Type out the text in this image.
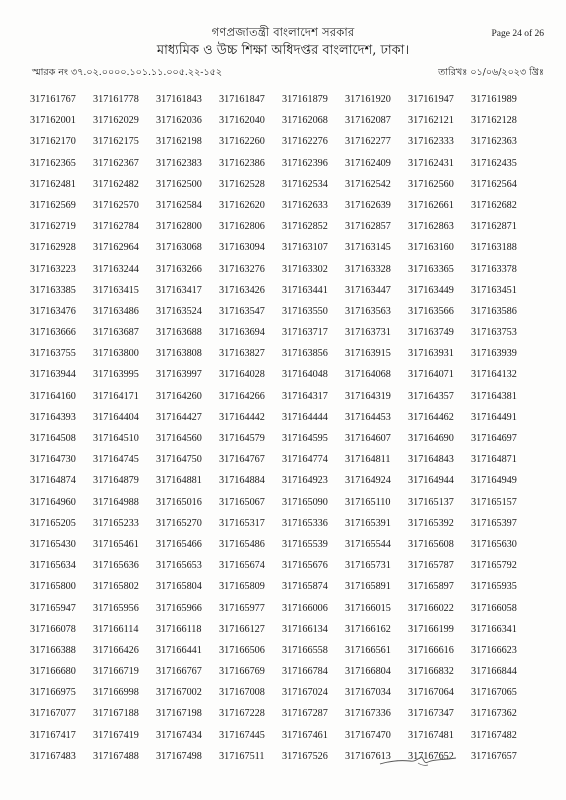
গণপ্রজাতন্ত্রী বাংলাদেশ সরকার
মাধ্যমিক ও উচ্চ শিক্ষা অধিদপ্তর বাংলাদেশ, ঢাকা।
Page 24 of 26
স্মারক নং ৩৭.০২.০০০০.১০১.১১.০০৫.২২-১৫২	তারিখঃ ০১/০৬/২০২৩ খ্রিঃ
317161767	317161778	317161843	317161847	317161879	317161920	317161947	317161989
317162001	317162029	317162036	317162040	317162068	317162087	317162121	317162128
317162170	317162175	317162198	317162260	317162276	317162277	317162333	317162363
317162365	317162367	317162383	317162386	317162396	317162409	317162431	317162435
317162481	317162482	317162500	317162528	317162534	317162542	317162560	317162564
317162569	317162570	317162584	317162620	317162633	317162639	317162661	317162682
317162719	317162784	317162800	317162806	317162852	317162857	317162863	317162871
317162928	317162964	317163068	317163094	317163107	317163145	317163160	317163188
317163223	317163244	317163266	317163276	317163302	317163328	317163365	317163378
317163385	317163415	317163417	317163426	317163441	317163447	317163449	317163451
317163476	317163486	317163524	317163547	317163550	317163563	317163566	317163586
317163666	317163687	317163688	317163694	317163717	317163731	317163749	317163753
317163755	317163800	317163808	317163827	317163856	317163915	317163931	317163939
317163944	317163995	317163997	317164028	317164048	317164068	317164071	317164132
317164160	317164171	317164260	317164266	317164317	317164319	317164357	317164381
317164393	317164404	317164427	317164442	317164444	317164453	317164462	317164491
317164508	317164510	317164560	317164579	317164595	317164607	317164690	317164697
317164730	317164745	317164750	317164767	317164774	317164811	317164843	317164871
317164874	317164879	317164881	317164884	317164923	317164924	317164944	317164949
317164960	317164988	317165016	317165067	317165090	317165110	317165137	317165157
317165205	317165233	317165270	317165317	317165336	317165391	317165392	317165397
317165430	317165461	317165466	317165486	317165539	317165544	317165608	317165630
317165634	317165636	317165653	317165674	317165676	317165731	317165787	317165792
317165800	317165802	317165804	317165809	317165874	317165891	317165897	317165935
317165947	317165956	317165966	317165977	317166006	317166015	317166022	317166058
317166078	317166114	317166118	317166127	317166134	317166162	317166199	317166341
317166388	317166426	317166441	317166506	317166558	317166561	317166616	317166623
317166680	317166719	317166767	317166769	317166784	317166804	317166832	317166844
317166975	317166998	317167002	317167008	317167024	317167034	317167064	317167065
317167077	317167188	317167198	317167228	317167287	317167336	317167347	317167362
317167417	317167419	317167434	317167445	317167461	317167470	317167481	317167482
317167483	317167488	317167498	317167511	317167526	317167613	317167652	317167657
